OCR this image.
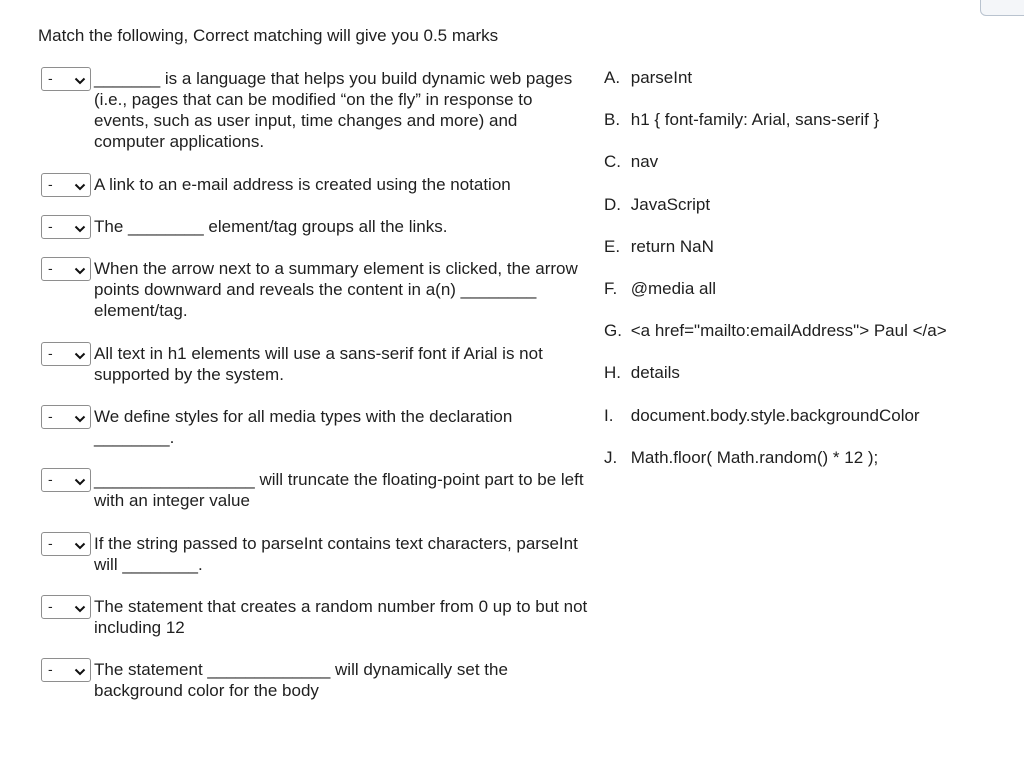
Match the following, Correct matching will give you 0.5 marks
- _______ is a language that helps you build dynamic web pages (i.e., pages that can be modified “on the fly” in response to events, such as user input, time changes and more) and computer applications.
- A link to an e-mail address is created using the notation
- The ________ element/tag groups all the links.
- When the arrow next to a summary element is clicked, the arrow points downward and reveals the content in a(n) ________ element/tag.
- All text in h1 elements will use a sans-serif font if Arial is not supported by the system.
- We define styles for all media types with the declaration ________.
- _________________ will truncate the floating-point part to be left with an integer value
- If the string passed to parseInt contains text characters, parseInt will ________.
- The statement that creates a random number from 0 up to but not including 12
- The statement _____________ will dynamically set the background color for the body
A. parseInt
B. h1 { font-family: Arial, sans-serif }
C. nav
D. JavaScript
E. return NaN
F. @media all
G. <a href="mailto:emailAddress"> Paul </a>
H. details
I. document.body.style.backgroundColor
J. Math.floor( Math.random() * 12 );
